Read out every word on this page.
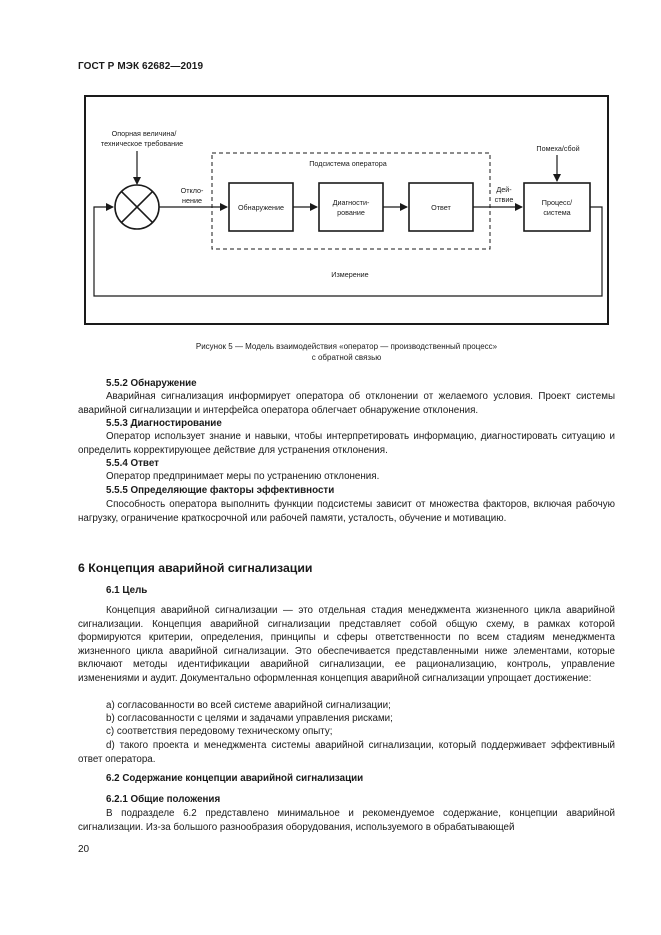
ГОСТ Р МЭК 62682—2019
Опорная величина/
техническое требование
Откло-
нение
Подсистема оператора
Обнаружение
Диагности-
рование
Ответ
Дей-
ствие
Помеха/сбой
Процесс/
система
Измерение
Рисунок 5 — Модель взаимодействия «оператор — производственный процесс»
с обратной связью
5.5.2 Обнаружение

Аварийная сигнализация информирует оператора об отклонении от желаемого условия. Проект системы аварийной сигнализации и интерфейса оператора облегчает обнаружение отклонения.

5.5.3 Диагностирование

Оператор использует знание и навыки, чтобы интерпретировать информацию, диагностировать ситуацию и определить корректирующее действие для устранения отклонения.

5.5.4 Ответ

Оператор предпринимает меры по устранению отклонения.

5.5.5 Определяющие факторы эффективности

Способность оператора выполнить функции подсистемы зависит от множества факторов, включая рабочую нагрузку, ограничение краткосрочной или рабочей памяти, усталость, обучение и мотивацию.

6 Концепция аварийной сигнализации
6.1 Цель

Концепция аварийной сигнализации — это отдельная стадия менеджмента жизненного цикла аварийной сигнализации. Концепция аварийной сигнализации представляет собой общую схему, в рамках которой формируются критерии, определения, принципы и сферы ответственности по всем стадиям менеджмента жизненного цикла аварийной сигнализации. Это обеспечивается представленными ниже элементами, которые включают методы идентификации аварийной сигнализации, ее рационализацию, контроль, управление изменениями и аудит. Документально оформленная концепция аварийной сигнализации упрощает достижение:

a) согласованности во всей системе аварийной сигнализации;
b) согласованности с целями и задачами управления рисками;
c) соответствия передовому техническому опыту;
d) такого проекта и менеджмента системы аварийной сигнализации, который поддерживает эффективный ответ оператора.
6.2 Содержание концепции аварийной сигнализации
6.2.1 Общие положения

В подразделе 6.2 представлено минимальное и рекомендуемое содержание, концепции аварийной сигнализации. Из-за большого разнообразия оборудования, используемого в обрабатывающей

20
